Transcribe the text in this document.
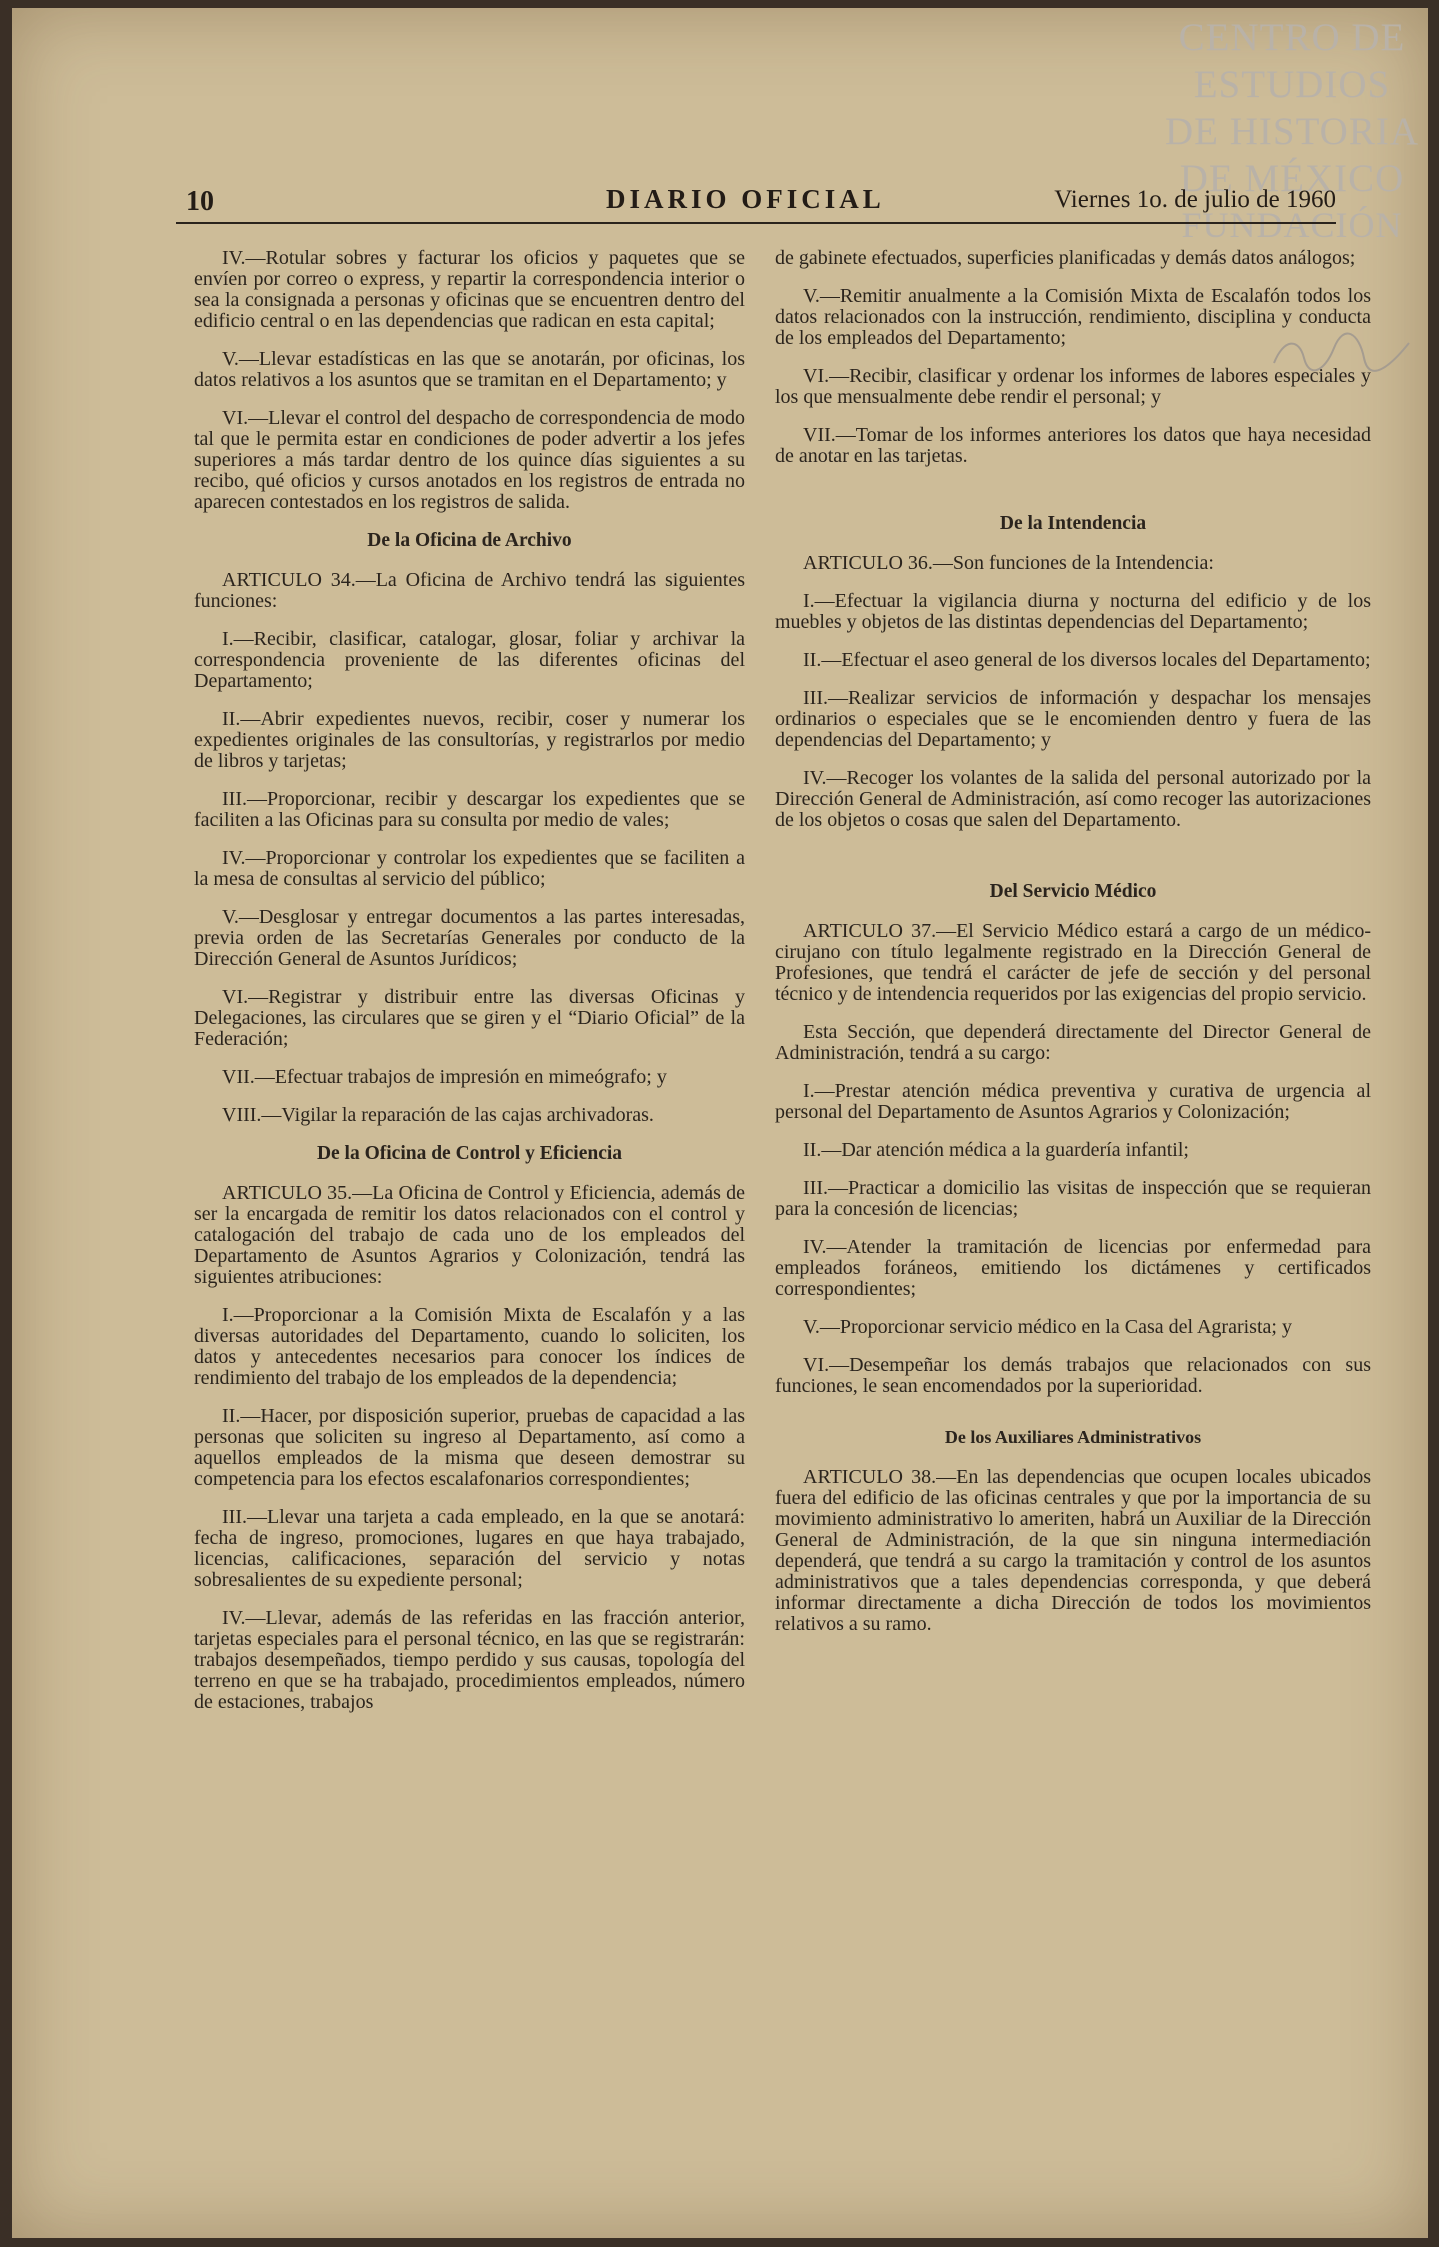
CENTRO DE
ESTUDIOS
DE HISTORIA
DE MÉXICO

FUNDACIÓN
10	DIARIO OFICIAL	Viernes 1o. de julio de 1960

IV.—Rotular sobres y facturar los oficios y paquetes que se envíen por correo o express, y repartir la correspondencia interior o sea la consignada a personas y oficinas que se encuentren dentro del edificio central o en las dependencias que radican en esta capital;

V.—Llevar estadísticas en las que se anotarán, por oficinas, los datos relativos a los asuntos que se tramitan en el Departamento; y

VI.—Llevar el control del despacho de correspondencia de modo tal que le permita estar en condiciones de poder advertir a los jefes superiores a más tardar dentro de los quince días siguientes a su recibo, qué oficios y cursos anotados en los registros de entrada no aparecen contestados en los registros de salida.

De la Oficina de Archivo

ARTICULO 34.—La Oficina de Archivo tendrá las siguientes funciones:

I.—Recibir, clasificar, catalogar, glosar, foliar y archivar la correspondencia proveniente de las diferentes oficinas del Departamento;

II.—Abrir expedientes nuevos, recibir, coser y numerar los expedientes originales de las consultorías, y registrarlos por medio de libros y tarjetas;

III.—Proporcionar, recibir y descargar los expedientes que se faciliten a las Oficinas para su consulta por medio de vales;

IV.—Proporcionar y controlar los expedientes que se faciliten a la mesa de consultas al servicio del público;

V.—Desglosar y entregar documentos a las partes interesadas, previa orden de las Secretarías Generales por conducto de la Dirección General de Asuntos Jurídicos;

VI.—Registrar y distribuir entre las diversas Oficinas y Delegaciones, las circulares que se giren y el “Diario Oficial” de la Federación;

VII.—Efectuar trabajos de impresión en mimeógrafo; y

VIII.—Vigilar la reparación de las cajas archivadoras.

De la Oficina de Control y Eficiencia

ARTICULO 35.—La Oficina de Control y Eficiencia, además de ser la encargada de remitir los datos relacionados con el control y catalogación del trabajo de cada uno de los empleados del Departamento de Asuntos Agrarios y Colonización, tendrá las siguientes atribuciones:

I.—Proporcionar a la Comisión Mixta de Escalafón y a las diversas autoridades del Departamento, cuando lo soliciten, los datos y antecedentes necesarios para conocer los índices de rendimiento del trabajo de los empleados de la dependencia;

II.—Hacer, por disposición superior, pruebas de capacidad a las personas que soliciten su ingreso al Departamento, así como a aquellos empleados de la misma que deseen demostrar su competencia para los efectos escalafonarios correspondientes;

III.—Llevar una tarjeta a cada empleado, en la que se anotará: fecha de ingreso, promociones, lugares en que haya trabajado, licencias, calificaciones, separación del servicio y notas sobresalientes de su expediente personal;

IV.—Llevar, además de las referidas en las fracción anterior, tarjetas especiales para el personal técnico, en las que se registrarán: trabajos desempeñados, tiempo perdido y sus causas, topología del terreno en que se ha trabajado, procedimientos empleados, número de estaciones, trabajos

de gabinete efectuados, superficies planificadas y demás datos análogos;

V.—Remitir anualmente a la Comisión Mixta de Escalafón todos los datos relacionados con la instrucción, rendimiento, disciplina y conducta de los empleados del Departamento;

VI.—Recibir, clasificar y ordenar los informes de labores especiales y los que mensualmente debe rendir el personal; y

VII.—Tomar de los informes anteriores los datos que haya necesidad de anotar en las tarjetas.

De la Intendencia

ARTICULO 36.—Son funciones de la Intendencia:

I.—Efectuar la vigilancia diurna y nocturna del edificio y de los muebles y objetos de las distintas dependencias del Departamento;

II.—Efectuar el aseo general de los diversos locales del Departamento;

III.—Realizar servicios de información y despachar los mensajes ordinarios o especiales que se le encomienden dentro y fuera de las dependencias del Departamento; y

IV.—Recoger los volantes de la salida del personal autorizado por la Dirección General de Administración, así como recoger las autorizaciones de los objetos o cosas que salen del Departamento.

Del Servicio Médico

ARTICULO 37.—El Servicio Médico estará a cargo de un médico-cirujano con título legalmente registrado en la Dirección General de Profesiones, que tendrá el carácter de jefe de sección y del personal técnico y de intendencia requeridos por las exigencias del propio servicio.

Esta Sección, que dependerá directamente del Director General de Administración, tendrá a su cargo:

I.—Prestar atención médica preventiva y curativa de urgencia al personal del Departamento de Asuntos Agrarios y Colonización;

II.—Dar atención médica a la guardería infantil;

III.—Practicar a domicilio las visitas de inspección que se requieran para la concesión de licencias;

IV.—Atender la tramitación de licencias por enfermedad para empleados foráneos, emitiendo los dictámenes y certificados correspondientes;

V.—Proporcionar servicio médico en la Casa del Agrarista; y

VI.—Desempeñar los demás trabajos que relacionados con sus funciones, le sean encomendados por la superioridad.

De los Auxiliares Administrativos

ARTICULO 38.—En las dependencias que ocupen locales ubicados fuera del edificio de las oficinas centrales y que por la importancia de su movimiento administrativo lo ameriten, habrá un Auxiliar de la Dirección General de Administración, de la que sin ninguna intermediación dependerá, que tendrá a su cargo la tramitación y control de los asuntos administrativos que a tales dependencias corresponda, y que deberá informar directamente a dicha Dirección de todos los movimientos relativos a su ramo.
